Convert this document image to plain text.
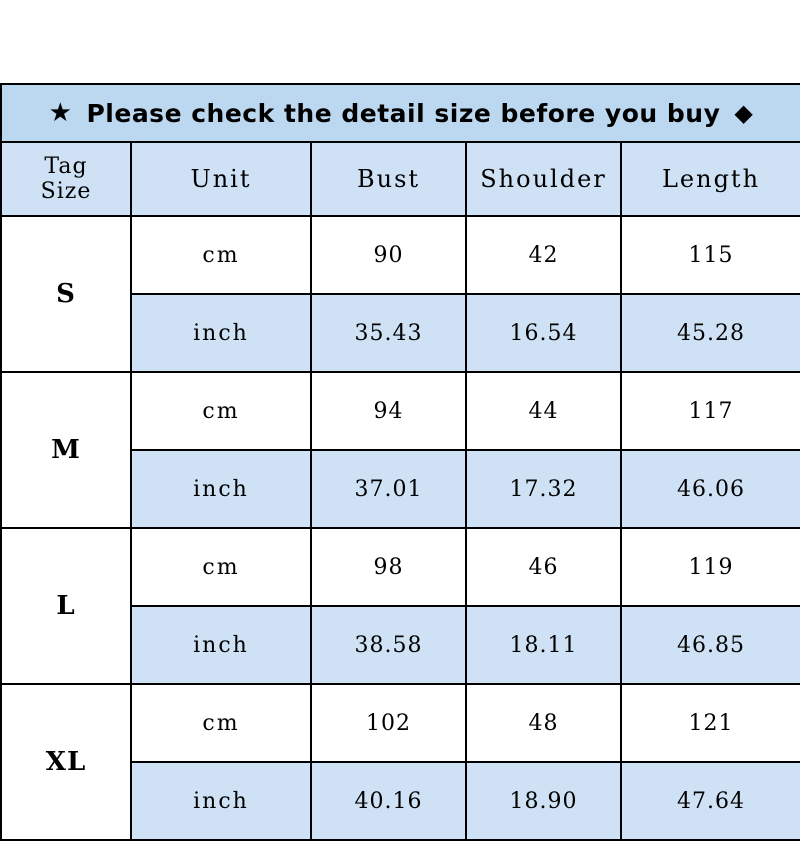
★ Please check the detail size before you buy ◆				

Tag
Size	Unit	Bust	Shoulder	Length
S	cm	90	42	115
	inch	35.43	16.54	45.28
M	cm	94	44	117
	inch	37.01	17.32	46.06
L	cm	98	46	119
	inch	38.58	18.11	46.85
XL	cm	102	48	121
	inch	40.16	18.90	47.64
